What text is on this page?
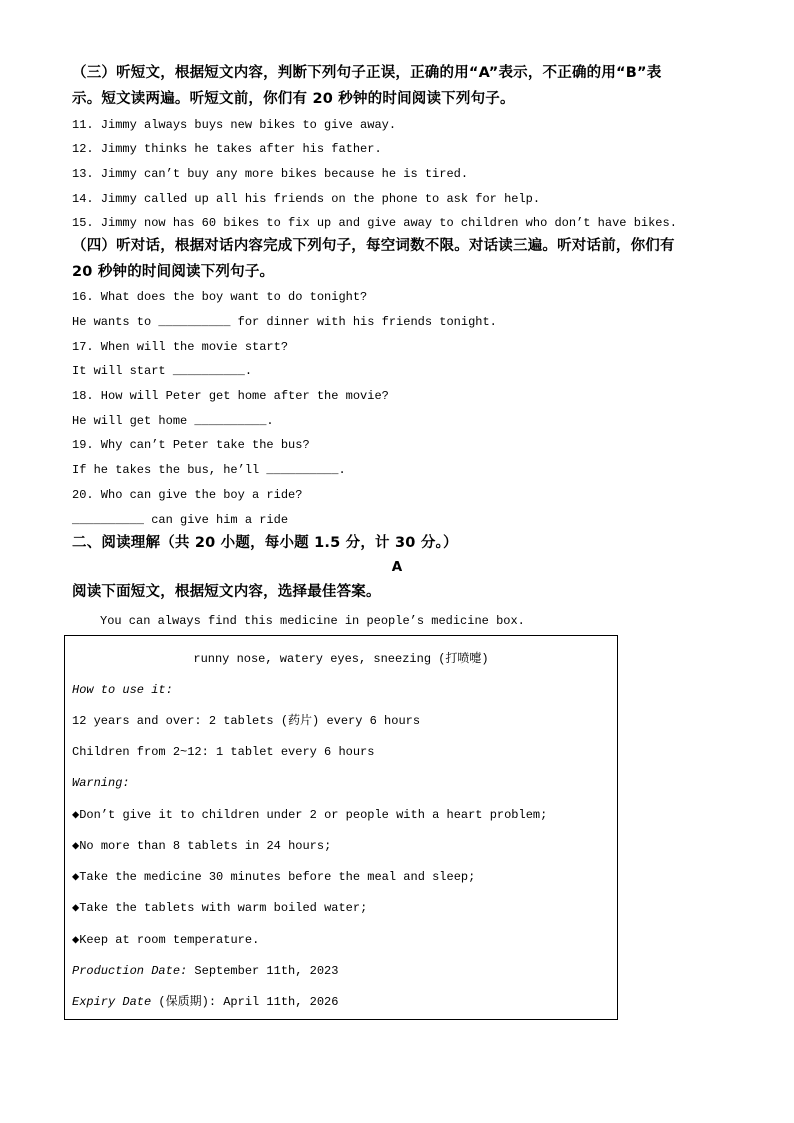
（三）听短文，根据短文内容，判断下列句子正误，正确的用“A”表示，不正确的用“B”表
示。短文读两遍。听短文前，你们有 20 秒钟的时间阅读下列句子。
11. Jimmy always buys new bikes to give away.
12. Jimmy thinks he takes after his father.
13. Jimmy can’t buy any more bikes because he is tired.
14. Jimmy called up all his friends on the phone to ask for help.
15. Jimmy now has 60 bikes to fix up and give away to children who don’t have bikes.
（四）听对话，根据对话内容完成下列句子，每空词数不限。对话读三遍。听对话前，你们有
20 秒钟的时间阅读下列句子。
16. What does the boy want to do tonight?
He wants to __________ for dinner with his friends tonight.
17. When will the movie start?
It will start __________.
18. How will Peter get home after the movie?
He will get home __________.
19. Why can’t Peter take the bus?
If he takes the bus, he’ll __________.
20. Who can give the boy a ride?
__________ can give him a ride
二、阅读理解（共 20 小题，每小题 1.5 分，计 30 分。）
A
阅读下面短文，根据短文内容，选择最佳答案。
You can always find this medicine in people’s medicine box.
runny nose, watery eyes, sneezing (打喷嚏)
How to use it:
12 years and over: 2 tablets (药片) every 6 hours
Children from 2~12: 1 tablet every 6 hours
Warning:
◆Don’t give it to children under 2 or people with a heart problem;
◆No more than 8 tablets in 24 hours;
◆Take the medicine 30 minutes before the meal and sleep;
◆Take the tablets with warm boiled water;
◆Keep at room temperature.
Production Date: September 11th, 2023
Expiry Date (保质期): April 11th, 2026
